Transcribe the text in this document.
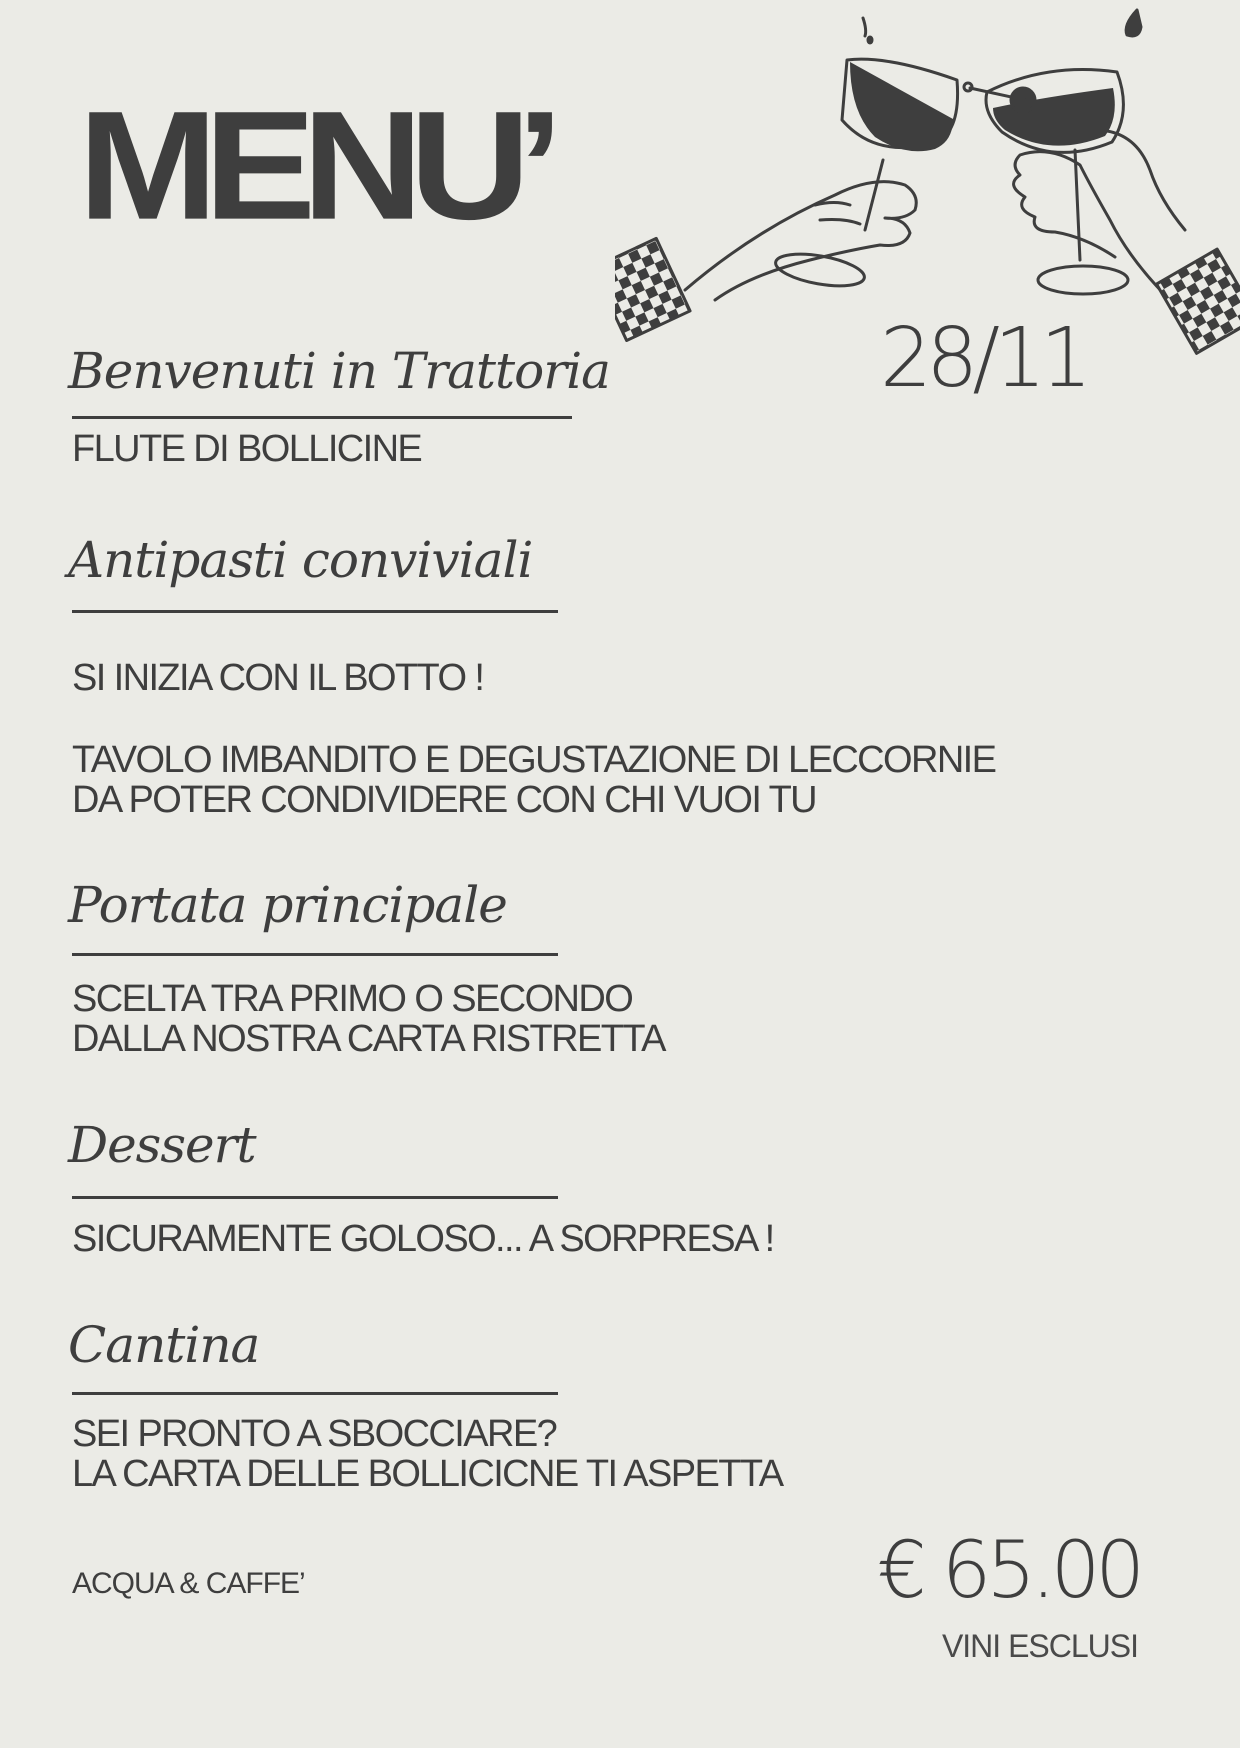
MENU’
28/11
Benvenuti in Trattoria
FLUTE DI BOLLICINE
Antipasti conviviali
SI INIZIA CON IL BOTTO !
TAVOLO IMBANDITO E DEGUSTAZIONE DI LECCORNIE
DA POTER CONDIVIDERE CON CHI VUOI TU
Portata principale
SCELTA TRA PRIMO O SECONDO
DALLA NOSTRA CARTA RISTRETTA
Dessert
SICURAMENTE GOLOSO... A SORPRESA !
Cantina
SEI PRONTO A SBOCCIARE?
LA CARTA DELLE BOLLICICNE TI ASPETTA
ACQUA & CAFFE’	€ 65.00
VINI ESCLUSI
